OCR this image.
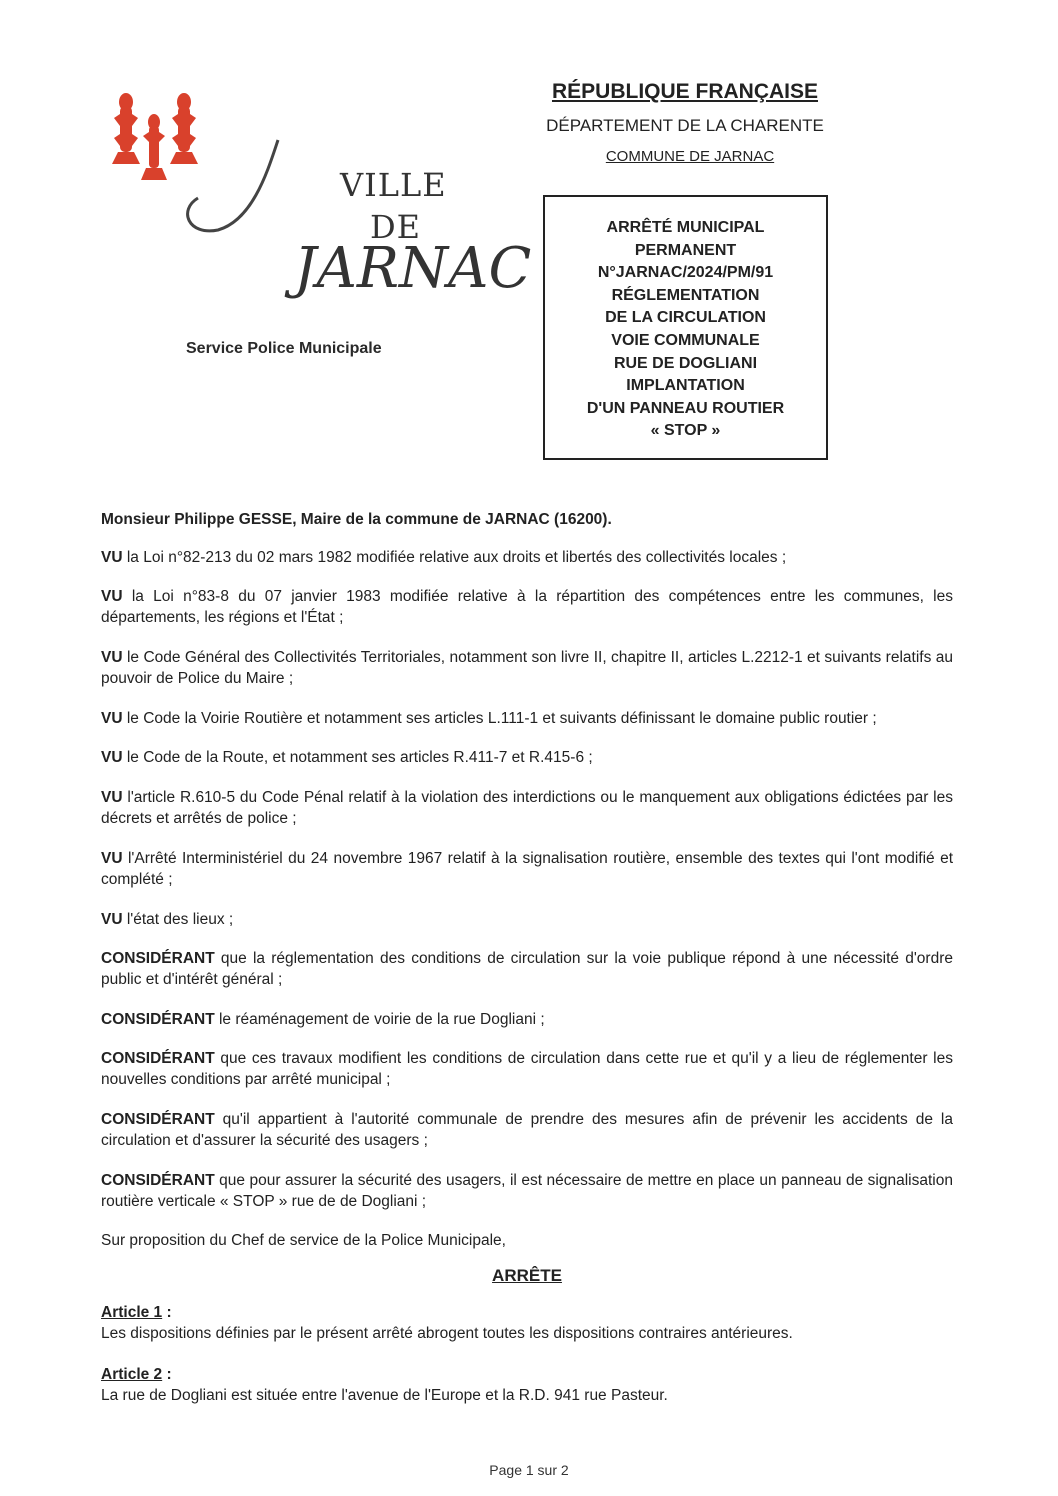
VILLE
DE
JARNAC
Service Police Municipale
RÉPUBLIQUE FRANÇAISE
DÉPARTEMENT DE LA CHARENTE
COMMUNE DE JARNAC
ARRÊTÉ MUNICIPAL
PERMANENT
N°JARNAC/2024/PM/91
RÉGLEMENTATION
DE LA CIRCULATION
VOIE COMMUNALE
RUE DE DOGLIANI
IMPLANTATION
D'UN PANNEAU ROUTIER
« STOP »

Monsieur Philippe GESSE, Maire de la commune de JARNAC (16200).

VU la Loi n°82-213 du 02 mars 1982 modifiée relative aux droits et libertés des collectivités locales ;

VU la Loi n°83-8 du 07 janvier 1983 modifiée relative à la répartition des compétences entre les communes, les départements, les régions et l'État ;

VU le Code Général des Collectivités Territoriales, notamment son livre II, chapitre II, articles L.2212-1 et suivants relatifs au pouvoir de Police du Maire ;

VU le Code la Voirie Routière et notamment ses articles L.111-1 et suivants définissant le domaine public routier ;

VU le Code de la Route, et notamment ses articles R.411-7 et R.415-6 ;

VU l'article R.610-5 du Code Pénal relatif à la violation des interdictions ou le manquement aux obligations édictées par les décrets et arrêtés de police ;

VU l'Arrêté Interministériel du 24 novembre 1967 relatif à la signalisation routière, ensemble des textes qui l'ont modifié et complété ;

VU l'état des lieux ;

CONSIDÉRANT que la réglementation des conditions de circulation sur la voie publique répond à une nécessité d'ordre public et d'intérêt général ;

CONSIDÉRANT le réaménagement de voirie de la rue Dogliani ;

CONSIDÉRANT que ces travaux modifient les conditions de circulation dans cette rue et qu'il y a lieu de réglementer les nouvelles conditions par arrêté municipal ;

CONSIDÉRANT qu'il appartient à l'autorité communale de prendre des mesures afin de prévenir les accidents de la circulation et d'assurer la sécurité des usagers ;

CONSIDÉRANT que pour assurer la sécurité des usagers, il est nécessaire de mettre en place un panneau de signalisation routière verticale « STOP » rue de de Dogliani ;

Sur proposition du Chef de service de la Police Municipale,

ARRÊTE

Article 1 :

Les dispositions définies par le présent arrêté abrogent toutes les dispositions contraires antérieures.

Article 2 :

La rue de Dogliani est située entre l'avenue de l'Europe et la R.D. 941 rue Pasteur.

Page 1 sur 2
